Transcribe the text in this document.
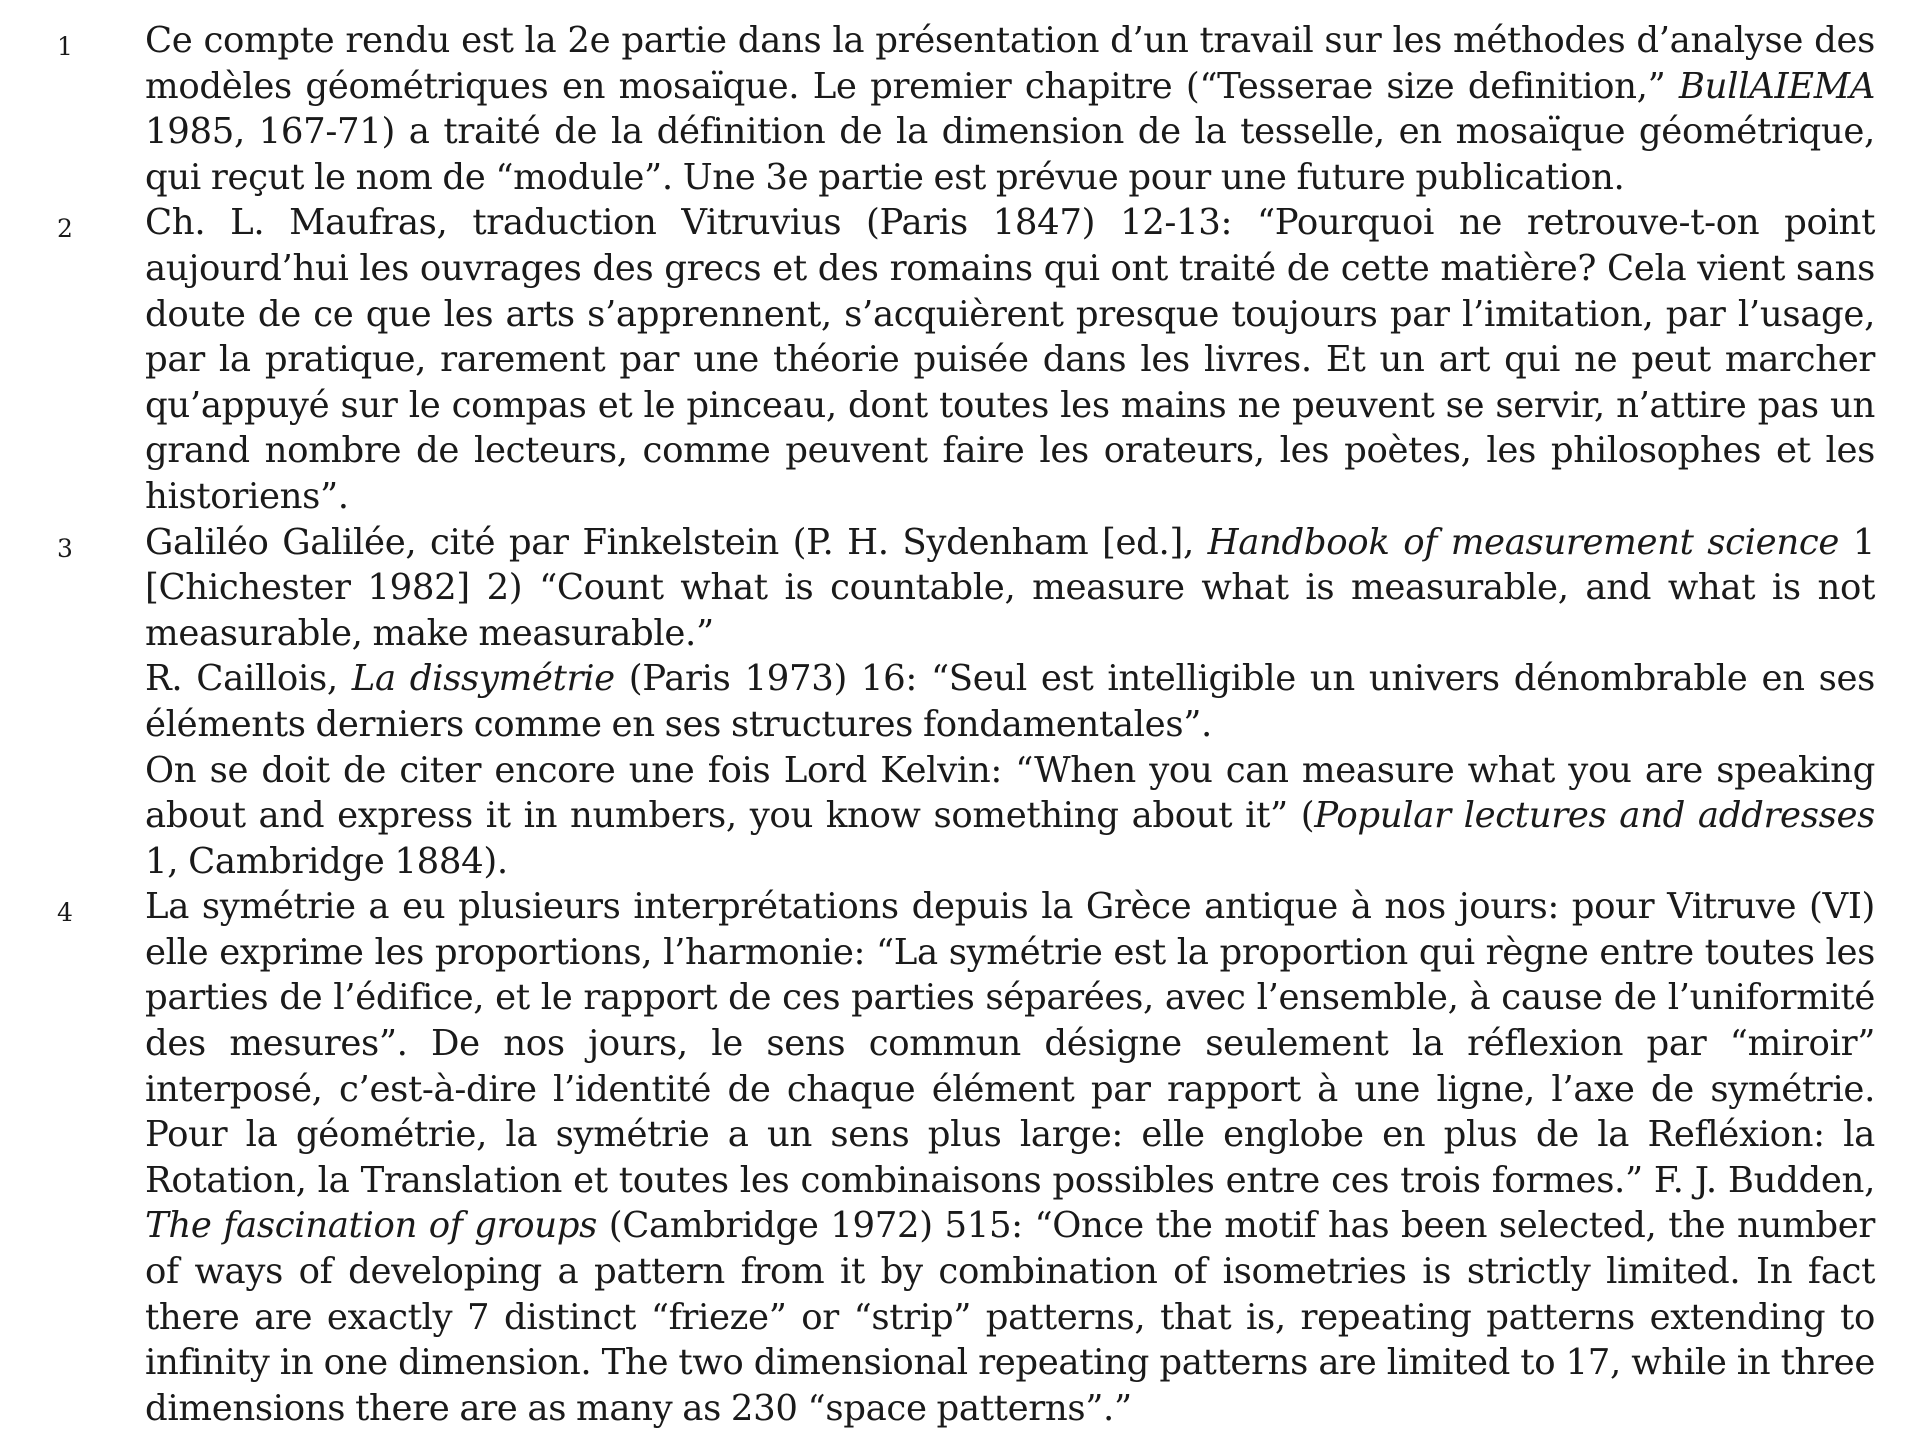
1 Ce compte rendu est la 2e partie dans la présentation d’un travail sur les méthodes d’analyse des modèles géométriques en mosaïque. Le premier chapitre (“Tesserae size definition,” BullAIEMA 1985, 167-71) a traité de la définition de la dimension de la tesselle, en mosaïque géométrique, qui reçut le nom de “module”. Une 3e partie est prévue pour une future publication.

2 Ch. L. Maufras, traduction Vitruvius (Paris 1847) 12-13: “Pourquoi ne retrouve-t-on point aujourd’hui les ouvrages des grecs et des romains qui ont traité de cette matière? Cela vient sans doute de ce que les arts s’apprennent, s’acquièrent presque toujours par l’imitation, par l’usage, par la pratique, rarement par une théorie puisée dans les livres. Et un art qui ne peut marcher qu’appuyé sur le compas et le pinceau, dont toutes les mains ne peuvent se servir, n’attire pas un grand nombre de lecteurs, comme peuvent faire les orateurs, les poètes, les philosophes et les historiens”.

3 Galiléo Galilée, cité par Finkelstein (P. H. Sydenham [ed.], Handbook of measurement science 1 [Chichester 1982] 2) “Count what is countable, measure what is measurable, and what is not measurable, make measurable.”

R. Caillois, La dissymétrie (Paris 1973) 16: “Seul est intelligible un univers dénombrable en ses éléments derniers comme en ses structures fondamentales”.

On se doit de citer encore une fois Lord Kelvin: “When you can measure what you are speaking about and express it in numbers, you know something about it” (Popular lectures and addresses 1, Cambridge 1884).

4 La symétrie a eu plusieurs interprétations depuis la Grèce antique à nos jours: pour Vitruve (VI) elle exprime les proportions, l’harmonie: “La symétrie est la proportion qui règne entre toutes les parties de l’édifice, et le rapport de ces parties séparées, avec l’ensemble, à cause de l’uniformité des mesures”. De nos jours, le sens commun désigne seulement la réflexion par “miroir” interposé, c’est-à-dire l’identité de chaque élément par rapport à une ligne, l’axe de symétrie. Pour la géométrie, la symétrie a un sens plus large: elle englobe en plus de la Refléxion: la Rotation, la Translation et toutes les combinaisons possibles entre ces trois formes.” F. J. Budden, The fascination of groups (Cambridge 1972) 515: “Once the motif has been selected, the number of ways of developing a pattern from it by combination of isometries is strictly limited. In fact there are exactly 7 distinct “frieze” or “strip” patterns, that is, repeating patterns extending to infinity in one dimension. The two dimensional repeating patterns are limited to 17, while in three dimensions there are as many as 230 “space patterns”.”
